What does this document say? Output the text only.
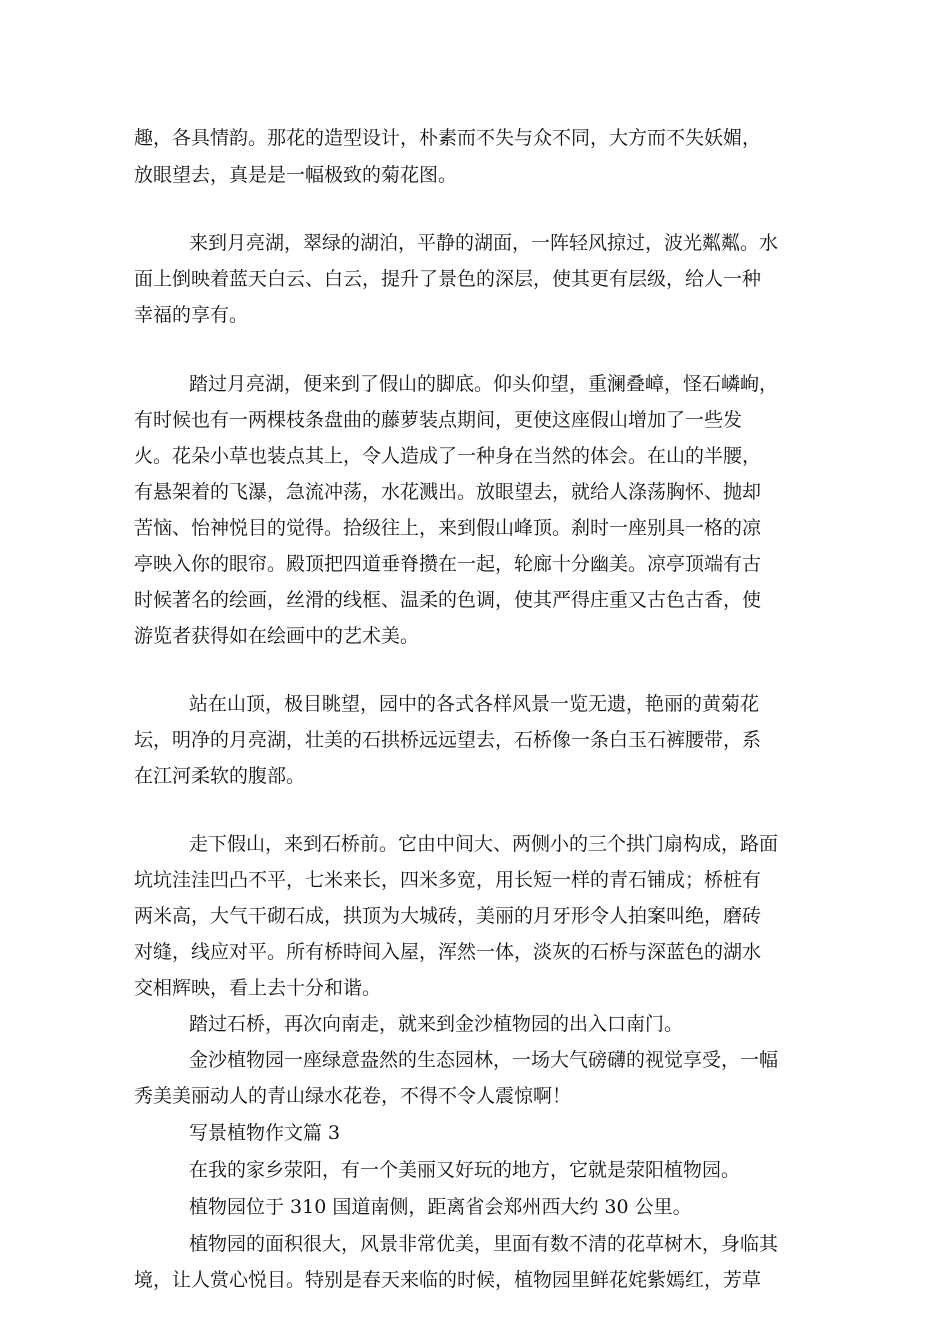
趣，各具情韵。那花的造型设计，朴素而不失与众不同，大方而不失妖媚，
放眼望去，真是是一幅极致的菊花图。
来到月亮湖，翠绿的湖泊，平静的湖面，一阵轻风掠过，波光粼粼。水
面上倒映着蓝天白云、白云，提升了景色的深层，使其更有层级，给人一种
幸福的享有。
踏过月亮湖，便来到了假山的脚底。仰头仰望，重澜叠嶂，怪石嶙峋，
有时候也有一两棵枝条盘曲的藤萝装点期间，更使这座假山增加了一些发
火。花朵小草也装点其上，令人造成了一种身在当然的体会。在山的半腰，
有悬架着的飞瀑，急流冲荡，水花溅出。放眼望去，就给人涤荡胸怀、抛却
苦恼、怡神悦目的觉得。拾级往上，来到假山峰顶。刹时一座别具一格的凉
亭映入你的眼帘。殿顶把四道垂脊攒在一起，轮廊十分幽美。凉亭顶端有古
时候著名的绘画，丝滑的线框、温柔的色调，使其严得庄重又古色古香，使
游览者获得如在绘画中的艺术美。
站在山顶，极目眺望，园中的各式各样风景一览无遗，艳丽的黄菊花
坛，明净的月亮湖，壮美的石拱桥远远望去，石桥像一条白玉石裤腰带，系
在江河柔软的腹部。
走下假山，来到石桥前。它由中间大、两侧小的三个拱门扇构成，路面
坑坑洼洼凹凸不平，七米来长，四米多宽，用长短一样的青石铺成；桥桩有
两米高，大气干砌石成，拱顶为大城砖，美丽的月牙形令人拍案叫绝，磨砖
对缝，线应对平。所有桥時间入屋，浑然一体，淡灰的石桥与深蓝色的湖水
交相辉映，看上去十分和谐。
踏过石桥，再次向南走，就来到金沙植物园的出入口南门。
金沙植物园一座绿意盎然的生态园林，一场大气磅礴的视觉享受，一幅
秀美美丽动人的青山绿水花卷，不得不令人震惊啊！
写景植物作文篇 3
在我的家乡荥阳，有一个美丽又好玩的地方，它就是荥阳植物园。
植物园位于 310 国道南侧，距离省会郑州西大约 30 公里。
植物园的面积很大，风景非常优美，里面有数不清的花草树木，身临其
境，让人赏心悦目。特别是春天来临的时候，植物园里鲜花姹紫嫣红，芳草
